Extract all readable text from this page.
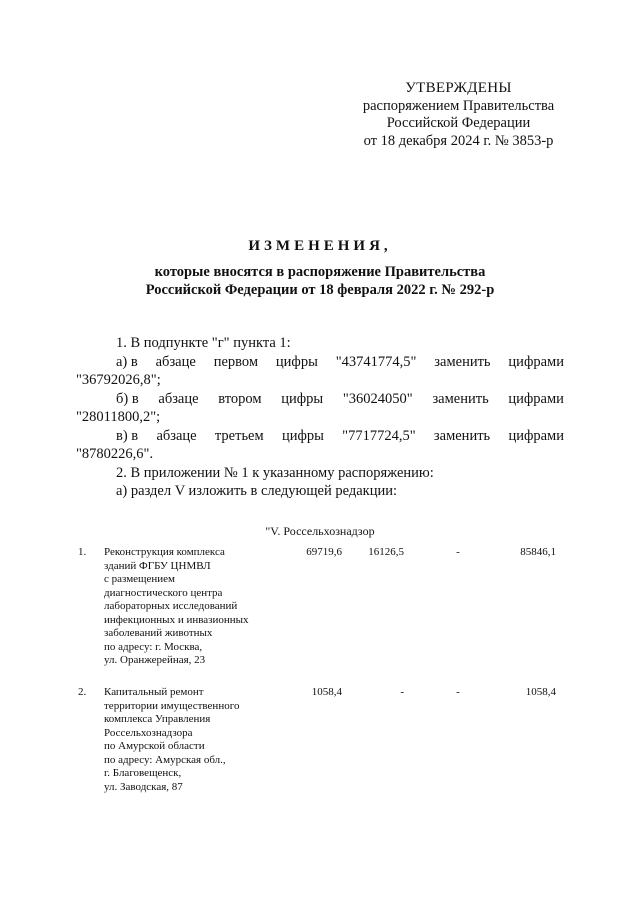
УТВЕРЖДЕНЫ
распоряжением Правительства
Российской Федерации
от 18 декабря 2024 г. № 3853-р
ИЗМЕНЕНИЯ,
которые вносятся в распоряжение Правительства
Российской Федерации от 18 февраля 2022 г. № 292-р

1. В подпункте "г" пункта 1:

а) в абзаце первом цифры "43741774,5" заменить цифрами

"36792026,8";

б) в абзаце втором цифры "36024050" заменить цифрами

"28011800,2";

в) в абзаце третьем цифры "7717724,5" заменить цифрами

"8780226,6".

2. В приложении № 1 к указанному распоряжению:

а) раздел V изложить в следующей редакции:

"V. Россельхознадзор
1. Реконструкция комплекса
зданий ФГБУ ЦНМВЛ
с размещением
диагностического центра
лабораторных исследований
инфекционных и инвазионных
заболеваний животных
по адресу: г. Москва,
ул. Оранжерейная, 23
69719,6	16126,5	-	85846,1
2. Капитальный ремонт
территории имущественного
комплекса Управления
Россельхознадзора
по Амурской области
по адресу: Амурская обл.,
г. Благовещенск,
ул. Заводская, 87
1058,4	-	-	1058,4
